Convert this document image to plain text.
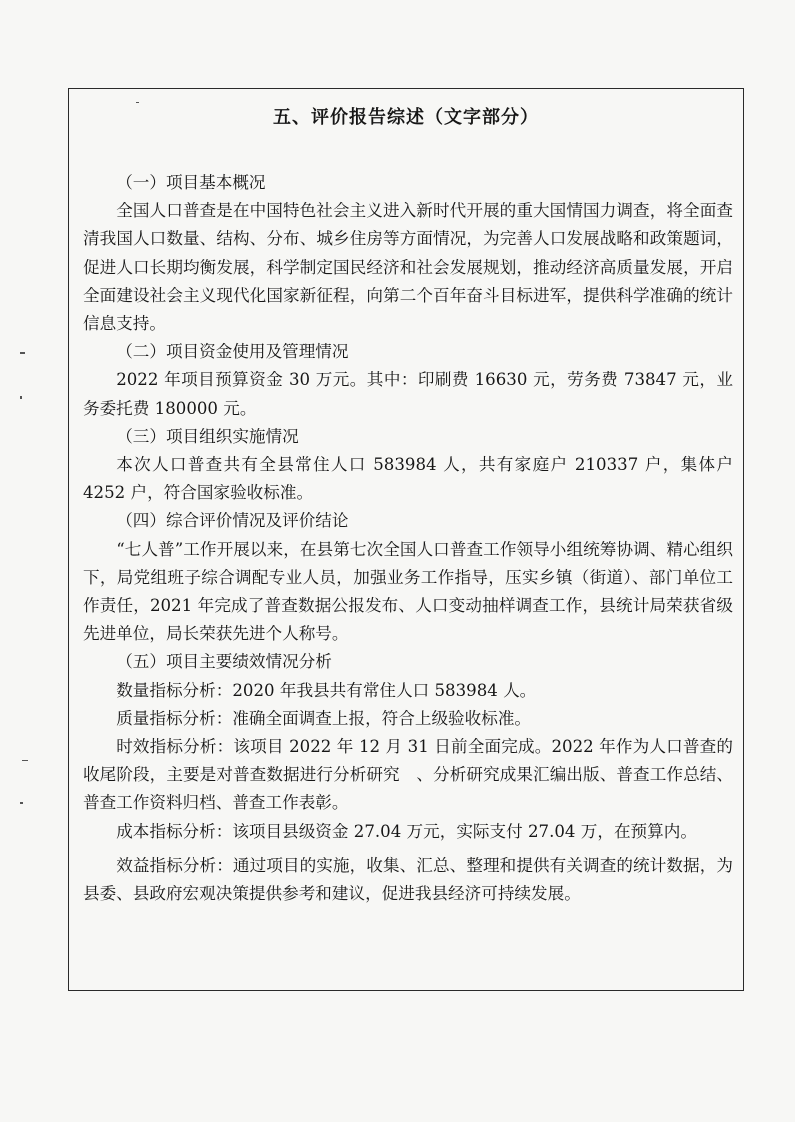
五、评价报告综述（文字部分）

（一）项目基本概况

全国人口普查是在中国特色社会主义进入新时代开展的重大国情国力调查，将全面查清我国人口数量、结构、分布、城乡住房等方面情况，为完善人口发展战略和政策题词，促进人口长期均衡发展，科学制定国民经济和社会发展规划，推动经济高质量发展，开启全面建设社会主义现代化国家新征程，向第二个百年奋斗目标进军，提供科学准确的统计信息支持。

（二）项目资金使用及管理情况

2022 年项目预算资金 30 万元。其中：印刷费 16630 元，劳务费 73847 元，业务委托费 180000 元。

（三）项目组织实施情况

本次人口普查共有全县常住人口 583984 人，共有家庭户 210337 户，集体户 4252 户，符合国家验收标准。

（四）综合评价情况及评价结论

“七人普”工作开展以来，在县第七次全国人口普查工作领导小组统筹协调、精心组织下，局党组班子综合调配专业人员，加强业务工作指导，压实乡镇（街道）、部门单位工作责任，2021 年完成了普查数据公报发布、人口变动抽样调查工作，县统计局荣获省级先进单位，局长荣获先进个人称号。

（五）项目主要绩效情况分析

数量指标分析：2020 年我县共有常住人口 583984 人。

质量指标分析：准确全面调查上报，符合上级验收标准。

时效指标分析：该项目 2022 年 12 月 31 日前全面完成。2022 年作为人口普查的收尾阶段，主要是对普查数据进行分析研究　、分析研究成果汇编出版、普查工作总结、普查工作资料归档、普查工作表彰。

成本指标分析：该项目县级资金 27.04 万元，实际支付 27.04 万，在预算内。

效益指标分析：通过项目的实施，收集、汇总、整理和提供有关调查的统计数据，为县委、县政府宏观决策提供参考和建议，促进我县经济可持续发展。
